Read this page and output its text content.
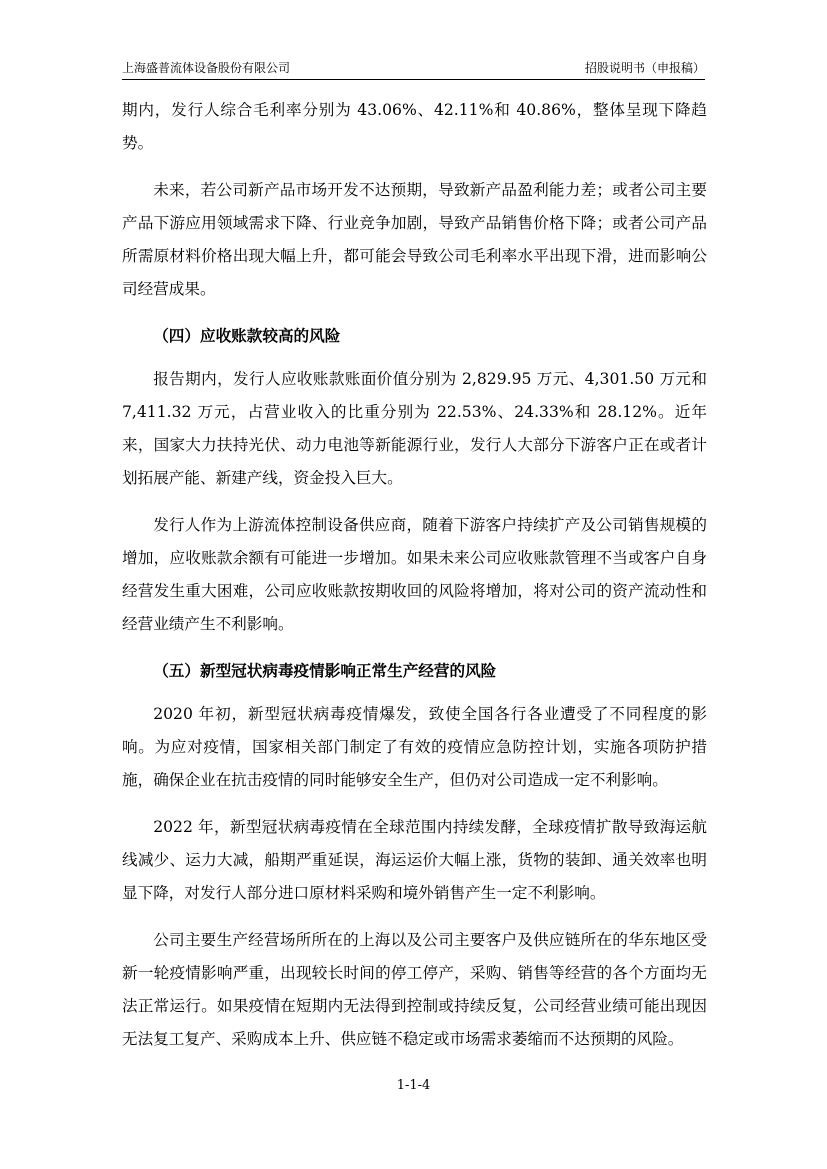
上海盛普流体设备股份有限公司	招股说明书（申报稿）

期内，发行人综合毛利率分别为 43.06%、42.11%和 40.86%，整体呈现下降趋势。

未来，若公司新产品市场开发不达预期，导致新产品盈利能力差；或者公司主要产品下游应用领域需求下降、行业竞争加剧，导致产品销售价格下降；或者公司产品所需原材料价格出现大幅上升，都可能会导致公司毛利率水平出现下滑，进而影响公司经营成果。

（四）应收账款较高的风险

报告期内，发行人应收账款账面价值分别为 2,829.95 万元、4,301.50 万元和 7,411.32 万元，占营业收入的比重分别为 22.53%、24.33%和 28.12%。近年来，国家大力扶持光伏、动力电池等新能源行业，发行人大部分下游客户正在或者计划拓展产能、新建产线，资金投入巨大。

发行人作为上游流体控制设备供应商，随着下游客户持续扩产及公司销售规模的增加，应收账款余额有可能进一步增加。如果未来公司应收账款管理不当或客户自身经营发生重大困难，公司应收账款按期收回的风险将增加，将对公司的资产流动性和经营业绩产生不利影响。

（五）新型冠状病毒疫情影响正常生产经营的风险

2020 年初，新型冠状病毒疫情爆发，致使全国各行各业遭受了不同程度的影响。为应对疫情，国家相关部门制定了有效的疫情应急防控计划，实施各项防护措施，确保企业在抗击疫情的同时能够安全生产，但仍对公司造成一定不利影响。

2022 年，新型冠状病毒疫情在全球范围内持续发酵，全球疫情扩散导致海运航线减少、运力大减，船期严重延误，海运运价大幅上涨，货物的装卸、通关效率也明显下降，对发行人部分进口原材料采购和境外销售产生一定不利影响。

公司主要生产经营场所所在的上海以及公司主要客户及供应链所在的华东地区受新一轮疫情影响严重，出现较长时间的停工停产，采购、销售等经营的各个方面均无法正常运行。如果疫情在短期内无法得到控制或持续反复，公司经营业绩可能出现因无法复工复产、采购成本上升、供应链不稳定或市场需求萎缩而不达预期的风险。

1-1-4
